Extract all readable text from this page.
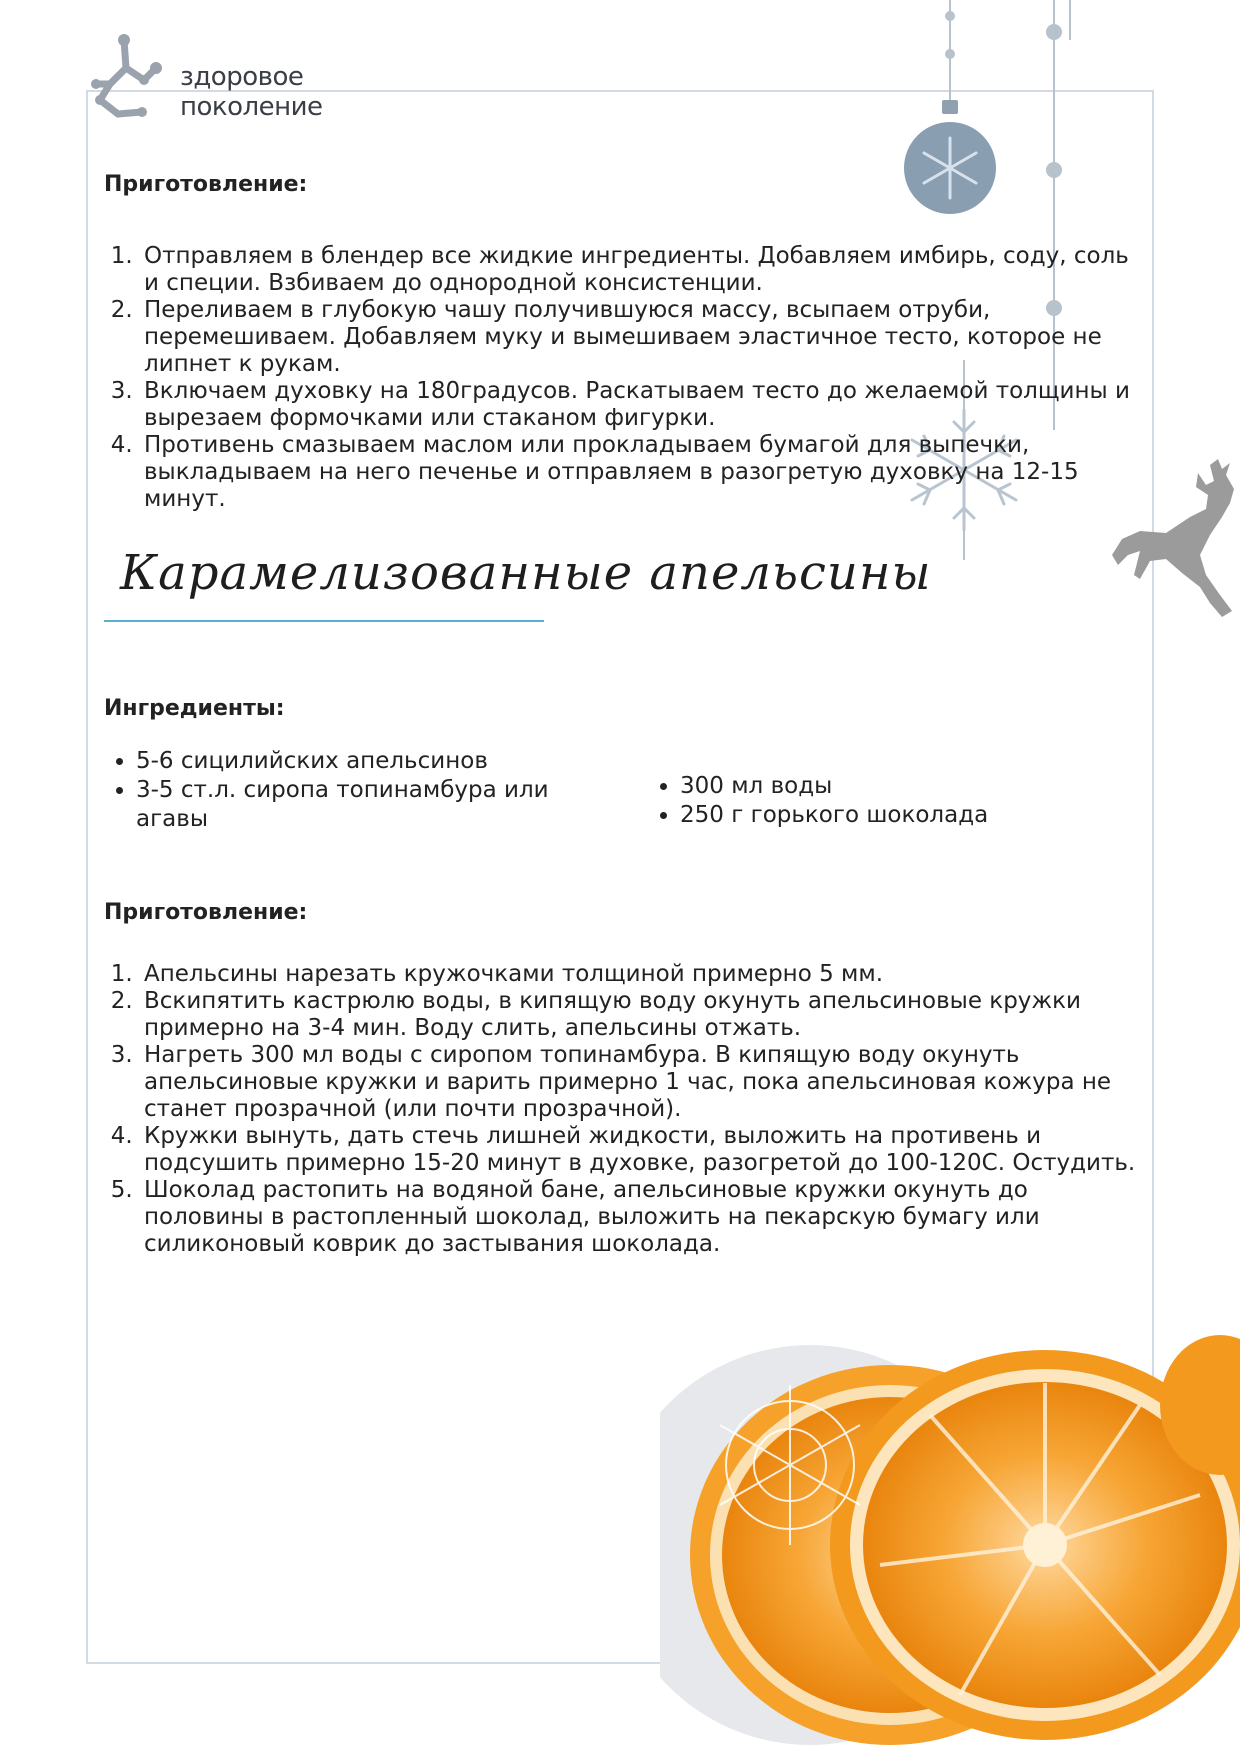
здоровое
поколение
Приготовление:
1. Отправляем в блендер все жидкие ингредиенты. Добавляем имбирь, соду, соль и специи. Взбиваем до однородной консистенции.
2. Переливаем в глубокую чашу получившуюся массу, всыпаем отруби, перемешиваем. Добавляем муку и вымешиваем эластичное тесто, которое не липнет к рукам.
3. Включаем духовку на 180градусов. Раскатываем тесто до желаемой толщины и вырезаем формочками или стаканом фигурки.
4. Противень смазываем маслом или прокладываем бумагой для выпечки, выкладываем на него печенье и отправляем в разогретую духовку на 12-15 минут.
Карамелизованные апельсины
Ингредиенты:
• 5-6 сицилийских апельсинов
• 3-5 ст.л. сиропа топинамбура или агавы
• 300 мл воды
• 250 г горького шоколада
Приготовление:
1. Апельсины нарезать кружочками толщиной примерно 5 мм.
2. Вскипятить кастрюлю воды, в кипящую воду окунуть апельсиновые кружки примерно на 3-4 мин. Воду слить, апельсины отжать.
3. Нагреть 300 мл воды с сиропом топинамбура. В кипящую воду окунуть апельсиновые кружки и варить примерно 1 час, пока апельсиновая кожура не станет прозрачной (или почти прозрачной).
4. Кружки вынуть, дать стечь лишней жидкости, выложить на противень и подсушить примерно 15-20 минут в духовке, разогретой до 100-120С. Остудить.
5. Шоколад растопить на водяной бане, апельсиновые кружки окунуть до половины в растопленный шоколад, выложить на пекарскую бумагу или силиконовый коврик до застывания шоколада.
